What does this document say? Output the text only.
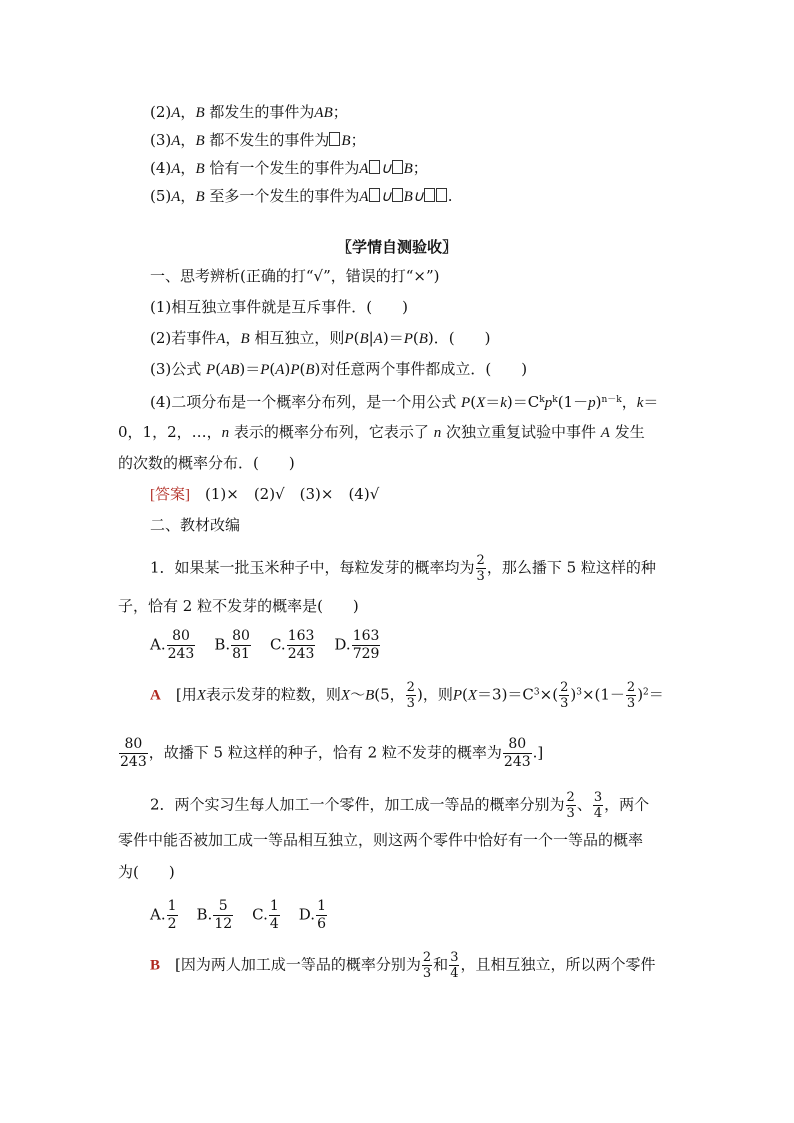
(2)A，B 都发生的事件为AB；
(3)A，B 都不发生的事件为 B；
(4)A，B 恰有一个发生的事件为A ∪ B；
(5)A，B 至多一个发生的事件为A ∪ B∪ .
〖学情自测验收〗
一、思考辨析(正确的打“√”，错误的打“×”)
(1)相互独立事件就是互斥事件．(　　)
(2)若事件A，B 相互独立，则P(B|A)＝P(B)．(　　)
(3)公式 P(AB)＝P(A)P(B)对任意两个事件都成立．(　　)
(4)二项分布是一个概率分布列，是一个用公式 $P(X=k)=C^kp^k(1-p)^{n-k}$，k＝
0，1，2，…，n 表示的概率分布列，它表示了 n 次独立重复试验中事件 A 发生
的次数的概率分布．(　　)
[答案]　 (1)×　(2)√　(3)×　(4)√
二、教材改编
1．如果某一批玉米种子中，每粒发芽的概率均为 $\frac{2}{3}$ ，那么播下 5 粒这样的种
子，恰有 2 粒不发芽的概率是(　　)
A. $\frac{80}{243} B$. $\frac{80}{81} C$. $\frac{163}{243} D$. $\frac{163}{729}$
A　 [用X表示发芽的粒数，则X～B(5， $\frac{2}{3}$ )，则$P(X=3)=C^3\times( \frac{2}{3} )^3\times(1- \frac{2}{3} )^2=$
$\frac{80}{243}$ ，故播下 5 粒这样的种子，恰有 2 粒不发芽的概率为 $\frac{80}{243}$ .]
2．两个实习生每人加工一个零件，加工成一等品的概率分别为 $\frac{2}{3}$ 、 $\frac{3}{4}$ ，两个
零件中能否被加工成一等品相互独立，则这两个零件中恰好有一个一等品的概率
为(　　)
A. $\frac{1}{2} B$. $\frac{5}{12} C$. $\frac{1}{4} D$. $\frac{1}{6}$
B　 [因为两人加工成一等品的概率分别为 $\frac{2}{3}$ 和 $\frac{3}{4}$ ，且相互独立，所以两个零件
